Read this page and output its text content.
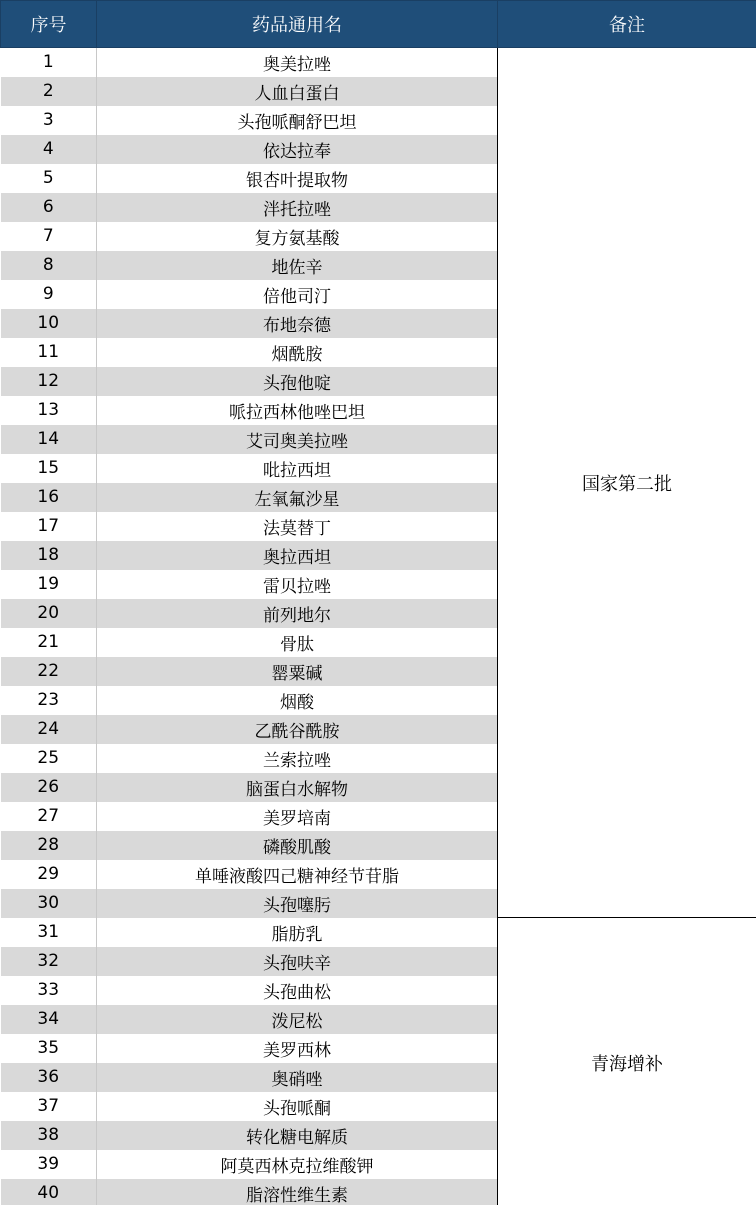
序号	药品通用名	备注
1	奥美拉唑	国家第二批
2	人血白蛋白	
3	头孢哌酮舒巴坦	
4	依达拉奉	
5	银杏叶提取物	
6	泮托拉唑	
7	复方氨基酸	
8	地佐辛	
9	倍他司汀	
10	布地奈德	
11	烟酰胺	
12	头孢他啶	
13	哌拉西林他唑巴坦	
14	艾司奥美拉唑	
15	吡拉西坦	
16	左氧氟沙星	
17	法莫替丁	
18	奥拉西坦	
19	雷贝拉唑	
20	前列地尔	
21	骨肽	
22	罂粟碱	
23	烟酸	
24	乙酰谷酰胺	
25	兰索拉唑	
26	脑蛋白水解物	
27	美罗培南	
28	磷酸肌酸	
29	单唾液酸四己糖神经节苷脂	
30	头孢噻肟	
31	脂肪乳	青海增补
32	头孢呋辛	
33	头孢曲松	
34	泼尼松	
35	美罗西林	
36	奥硝唑	
37	头孢哌酮	
38	转化糖电解质	
39	阿莫西林克拉维酸钾	
40	脂溶性维生素	
